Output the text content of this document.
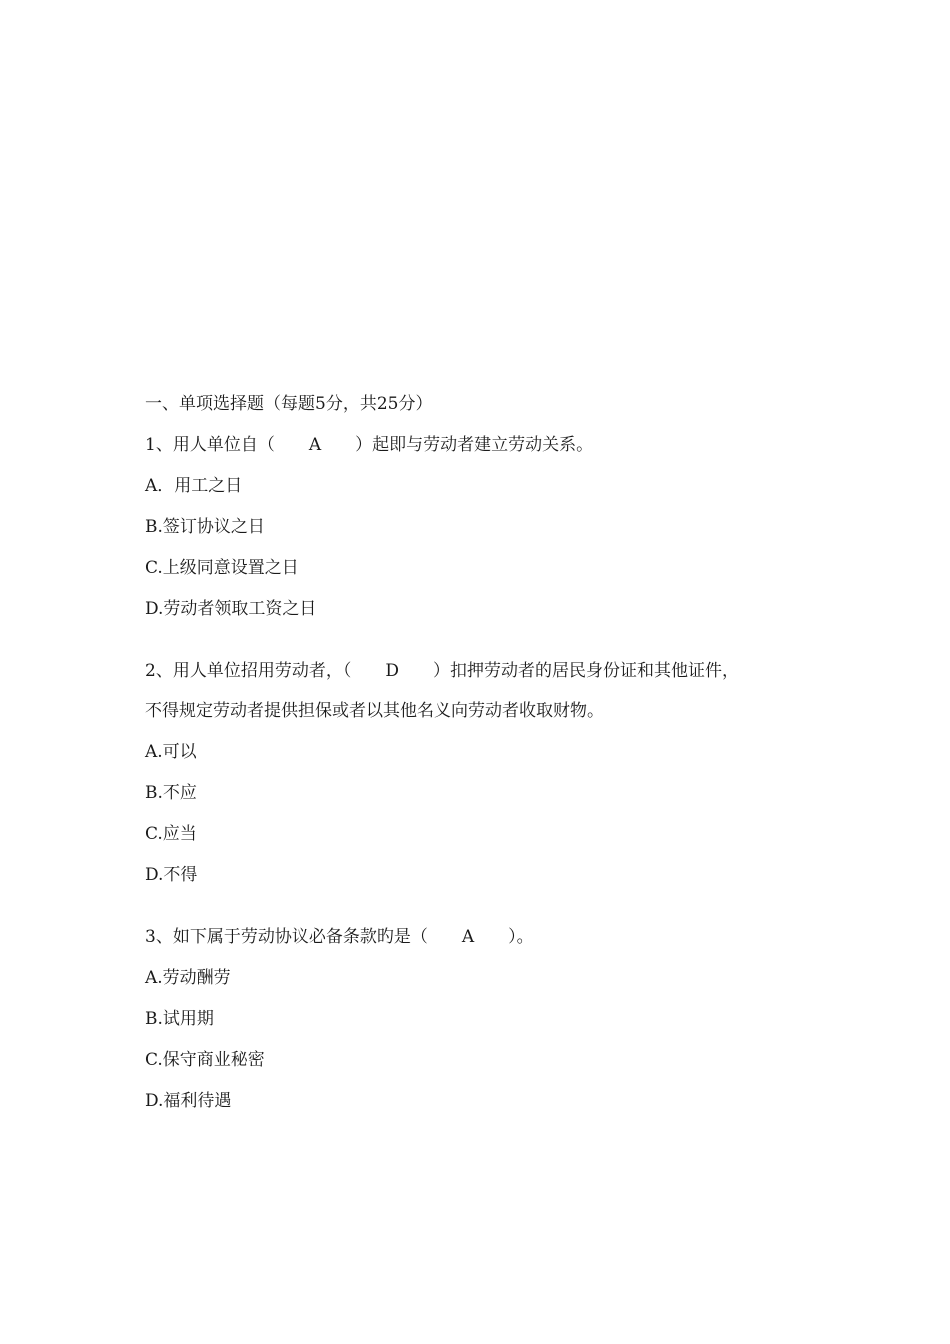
一、单项选择题（每题5分，共25分）

1、用人单位自（　　A　　）起即与劳动者建立劳动关系。

A．用工之日

B.签订协议之日

C.上级同意设置之日

D.劳动者领取工资之日

2、用人单位招用劳动者，（　　D　　）扣押劳动者的居民身份证和其他证件，

不得规定劳动者提供担保或者以其他名义向劳动者收取财物。

A.可以

B.不应

C.应当

D.不得

3、如下属于劳动协议必备条款旳是（　　A　　）。

A.劳动酬劳

B.试用期

C.保守商业秘密

D.福利待遇
